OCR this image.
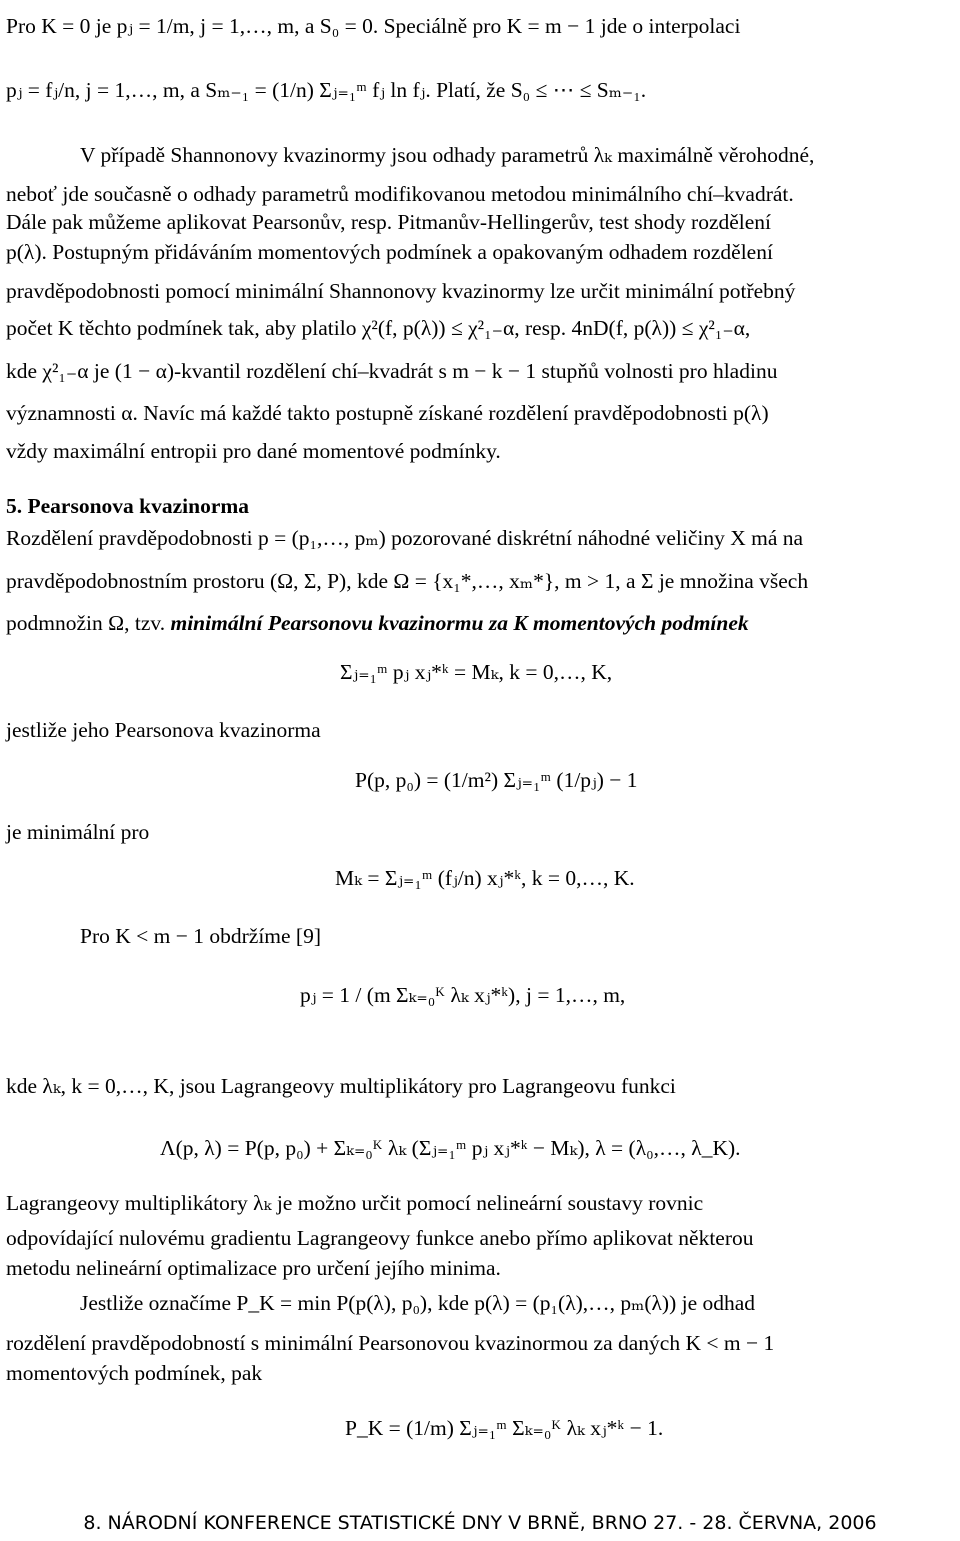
Pro K = 0 je pⱼ = 1/m, j = 1,…, m, a S₀ = 0. Speciálně pro K = m − 1 jde o interpolaci
pⱼ = fⱼ/n, j = 1,…, m, a Sₘ₋₁ = (1/n) Σⱼ₌₁ᵐ fⱼ ln fⱼ. Platí, že S₀ ≤ ⋯ ≤ Sₘ₋₁.
V případě Shannonovy kvazinormy jsou odhady parametrů λₖ maximálně věrohodné,
neboť jde současně o odhady parametrů modifikovanou metodou minimálního chí–kvadrát.
Dále pak můžeme aplikovat Pearsonův, resp. Pitmanův-Hellingerův, test shody rozdělení
p(λ). Postupným přidáváním momentových podmínek a opakovaným odhadem rozdělení
pravděpodobnosti pomocí minimální Shannonovy kvazinormy lze určit minimální potřebný
počet K těchto podmínek tak, aby platilo χ²(f, p(λ)) ≤ χ²₁₋α, resp. 4nD(f, p(λ)) ≤ χ²₁₋α,
kde χ²₁₋α je (1 − α)-kvantil rozdělení chí–kvadrát s m − k − 1 stupňů volnosti pro hladinu
významnosti α. Navíc má každé takto postupně získané rozdělení pravděpodobnosti p(λ)
vždy maximální entropii pro dané momentové podmínky.
5. Pearsonova kvazinorma
Rozdělení pravděpodobnosti p = (p₁,…, pₘ) pozorované diskrétní náhodné veličiny X má na
pravděpodobnostním prostoru (Ω, Σ, P), kde Ω = {x₁*,…, xₘ*}, m > 1, a Σ je množina všech
podmnožin Ω, tzv. minimální Pearsonovu kvazinormu za K momentových podmínek
Σⱼ₌₁ᵐ pⱼ xⱼ*ᵏ = Mₖ, k = 0,…, K,
jestliže jeho Pearsonova kvazinorma
P(p, p₀) = (1/m²) Σⱼ₌₁ᵐ (1/pⱼ) − 1
je minimální pro
Mₖ = Σⱼ₌₁ᵐ (fⱼ/n) xⱼ*ᵏ, k = 0,…, K.
Pro K < m − 1 obdržíme [9]
pⱼ = 1 / (m Σₖ₌₀ᴷ λₖ xⱼ*ᵏ), j = 1,…, m,
kde λₖ, k = 0,…, K, jsou Lagrangeovy multiplikátory pro Lagrangeovu funkci
Λ(p, λ) = P(p, p₀) + Σₖ₌₀ᴷ λₖ (Σⱼ₌₁ᵐ pⱼ xⱼ*ᵏ − Mₖ), λ = (λ₀,…, λ_K).
Lagrangeovy multiplikátory λₖ je možno určit pomocí nelineární soustavy rovnic
odpovídající nulovému gradientu Lagrangeovy funkce anebo přímo aplikovat některou
metodu nelineární optimalizace pro určení jejího minima.
Jestliže označíme P_K = min P(p(λ), p₀), kde p(λ) = (p₁(λ),…, pₘ(λ)) je odhad
rozdělení pravděpodobností s minimální Pearsonovou kvazinormou za daných K < m − 1
momentových podmínek, pak
P_K = (1/m) Σⱼ₌₁ᵐ Σₖ₌₀ᴷ λₖ xⱼ*ᵏ − 1.
8. NÁRODNÍ KONFERENCE STATISTICKÉ DNY V BRNĚ, BRNO 27. - 28. ČERVNA, 2006
